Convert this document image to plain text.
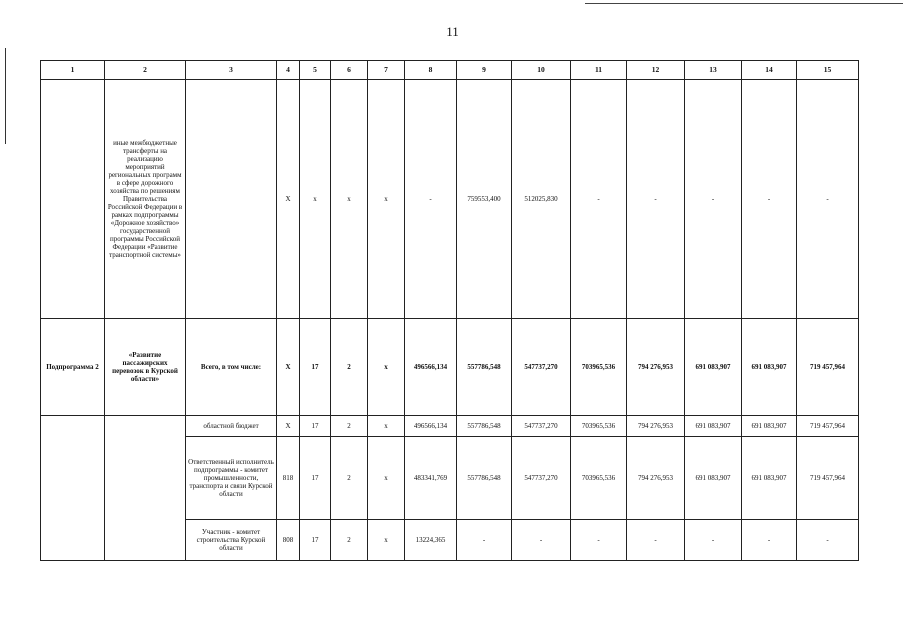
11
1	2	3	4	5	6	7	8	9	10	11	12	13	14	15
	иные межбюджетные трансферты на реализацию мероприятий региональных программ в сфере дорожного хозяйства по решениям Правительства Российской Федерации в рамках подпрограммы «Дорожное хозяйство» государственной программы Российской Федерации «Развитие транспортной системы»		X	x	x	x	-	759553,400	512025,830	-	-	-	-	-
Подпрограмма 2	«Развитие пассажирских перевозок в Курской области»	Всего, в том числе:	X	17	2	x	496566,134	557786,548	547737,270	703965,536	794 276,953	691 083,907	691 083,907	719 457,964
		областной бюджет	X	17	2	x	496566,134	557786,548	547737,270	703965,536	794 276,953	691 083,907	691 083,907	719 457,964
		Ответственный исполнитель подпрограммы - комитет промышленности, транспорта и связи Курской области	818	17	2	x	483341,769	557786,548	547737,270	703965,536	794 276,953	691 083,907	691 083,907	719 457,964
		Участник - комитет строительства Курской области	808	17	2	x	13224,365	-	-	-	-	-	-	-
